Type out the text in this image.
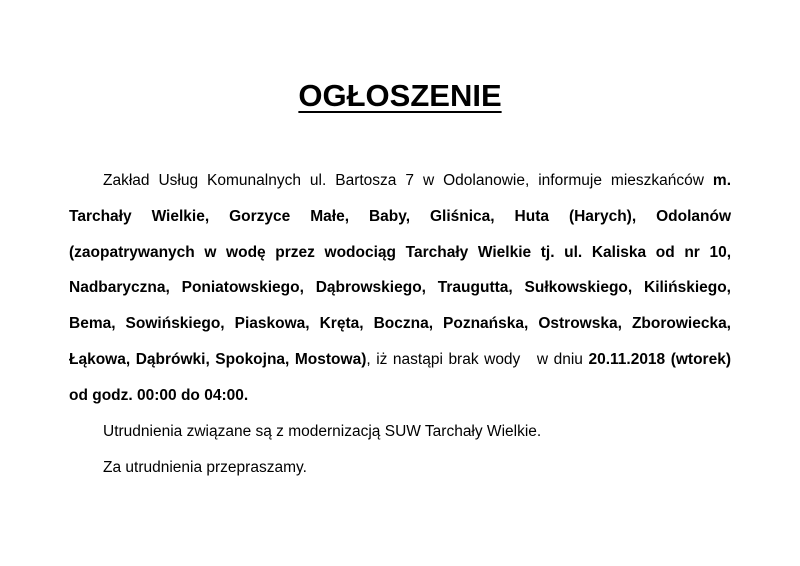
OGŁOSZENIE

Zakład Usług Komunalnych ul. Bartosza 7 w Odolanowie, informuje mieszkańców m. Tarchały Wielkie, Gorzyce Małe, Baby, Gliśnica, Huta (Harych), Odolanów (zaopatrywanych w wodę przez wodociąg Tarchały Wielkie tj. ul. Kaliska od nr 10, Nadbaryczna, Poniatowskiego, Dąbrowskiego, Traugutta, Sułkowskiego, Kilińskiego, Bema, Sowińskiego, Piaskowa, Kręta, Boczna, Poznańska, Ostrowska, Zborowiecka, Łąkowa, Dąbrówki, Spokojna, Mostowa), iż nastąpi brak wody   w dniu 20.11.2018 (wtorek) od godz. 00:00 do 04:00.

Utrudnienia związane są z modernizacją SUW Tarchały Wielkie.

Za utrudnienia przepraszamy.
